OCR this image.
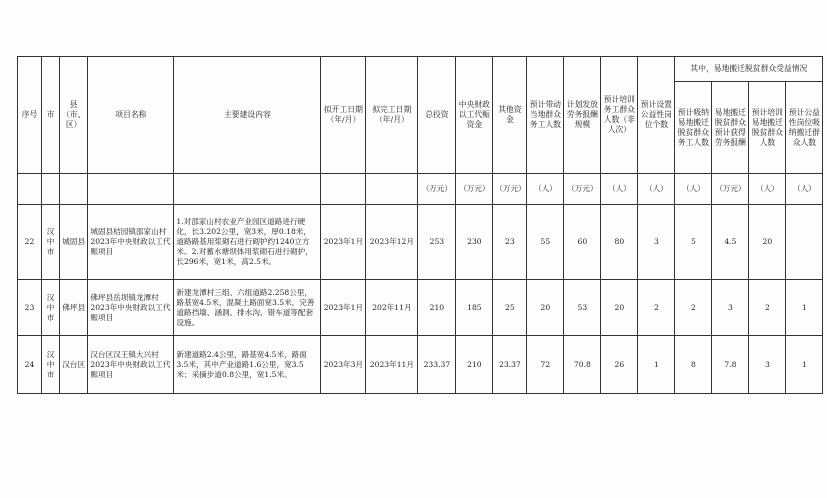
序号	市	县（市、区）	项目名称	主要建设内容	拟开工日期（年/月）	拟完工日期（年/月）	总投资	中央财政以工代赈资金	其他资金	预计带动当地群众务工人数	计划发放劳务报酬规模	预计培训务工群众人数（非人次）	预计设置公益性岗位个数	其中，易地搬迁脱贫群众受益情况			
														预计吸纳易地搬迁脱贫群众务工人数	易地搬迁脱贫群众预计获得劳务报酬	预计培训易地搬迁脱贫群众人数	预计公益性岗位吸纳搬迁群众人数
							（万元）	（万元）	（万元）	（人）	（万元）	（人）	（人）	（人）	（万元）	（人）	（人）
22	汉中市	城固县	城固县桔园镇邵家山村2023年中央财政以工代赈项目	1.对邵家山村农业产业园区道路进行硬化，长3.202公里，宽3米，厚0.18米，道路路基用浆砌石进行砌护约1240立方米。2.对蓄水塘坝体用浆砌石进行砌护，长296米，宽1米，高2.5米。	2023年1月	2023年12月	253	230	23	55	60	80	3	5	4.5	20	
23	汉中市	佛坪县	佛坪县岳坝镇龙潭村2023年中央财政以工代赈项目	新建龙潭村三组、六组道路2.258公里，路基宽4.5米，混凝土路面宽3.5米，完善道路挡墙、涵洞、排水沟、错车道等配套设施。	2023年1月	202年11月	210	185	25	20	53	20	2	2	3	2	1
24	汉中市	汉台区	汉台区汉王镇大兴村2023年中央财政以工代赈项目	新建道路2.4公里，路基宽4.5米，路面3.5米，其中产业道路1.6公里，宽3.5米；采摘步道0.8公里，宽1.5米。	2023年3月	2023年11月	233.37	210	23.37	72	70.8	26	1	8	7.8	3	1
